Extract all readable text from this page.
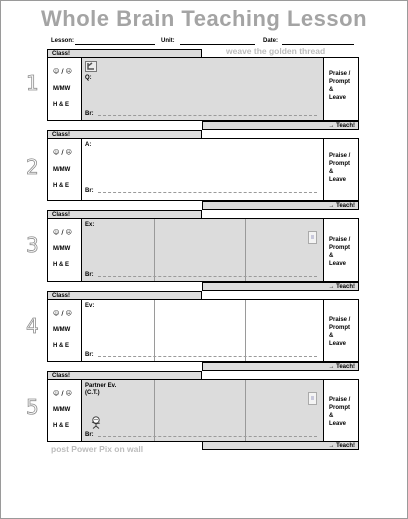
Whole Brain Teaching Lesson
Lesson:	Unit:	Date:
weave the golden thread
Class!
1 ☺ / ☹
M/MW
H & E
Q:
Br:
Praise /
Prompt
&
Leave
→ Teach!
Class!
2
☺ / ☹
M/MW
H & E
A:
Br:
Praise /
Prompt
&
Leave
→ Teach!
Class!
3
☺ / ☹
M/MW
H & E
Ex:
Br:
Praise /
Prompt
&
Leave
→ Teach!
Class!
4
☺ / ☹
M/MW
H & E
Ev:
Br:
Praise /
Prompt
&
Leave
→ Teach!
Class!
5
☺ / ☹
M/MW
H & E
Partner Ev.
(C.T.)
Br:
Praise /
Prompt
&
Leave
→ Teach!
post Power Pix on wall
